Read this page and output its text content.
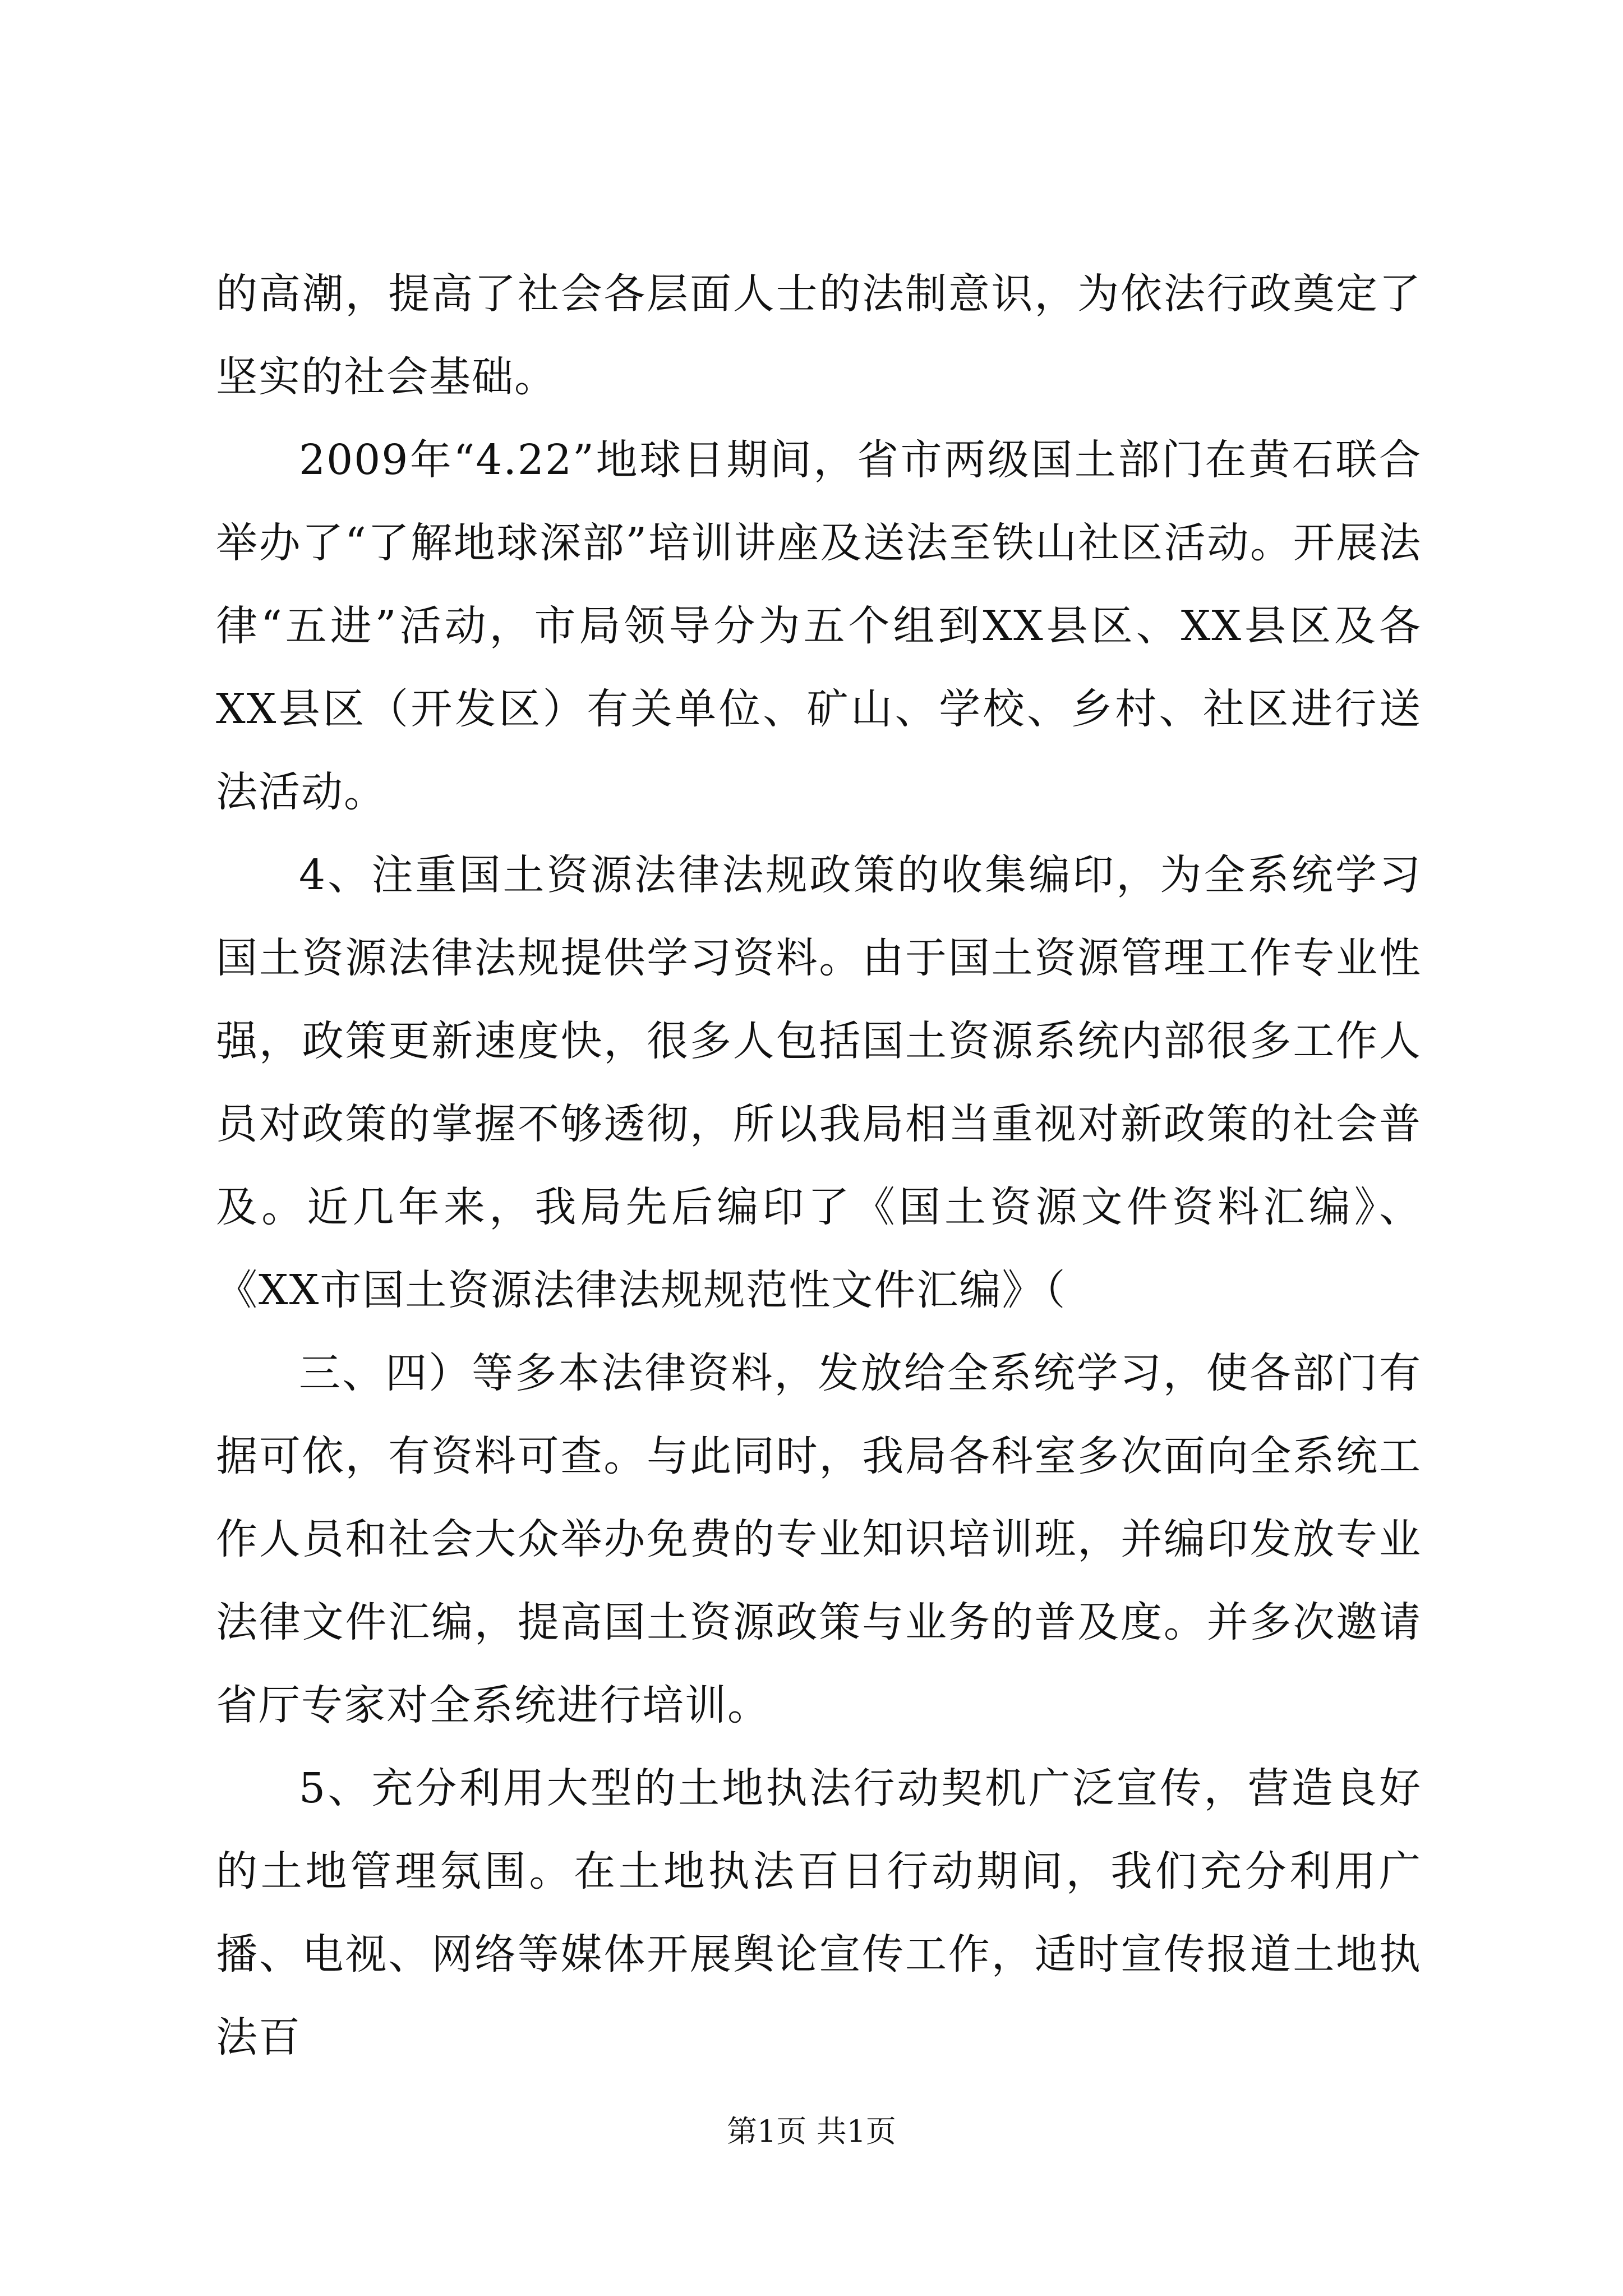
的高潮，提高了社会各层面人士的法制意识，为依法行政奠定了坚实的社会基础。

2009年“4.22”地球日期间，省市两级国土部门在黄石联合举办了“了解地球深部”培训讲座及送法至铁山社区活动。开展法律“五进”活动，市局领导分为五个组到XX县区、XX县区及各XX县区（开发区）有关单位、矿山、学校、乡村、社区进行送法活动。

4、注重国土资源法律法规政策的收集编印，为全系统学习国土资源法律法规提供学习资料。由于国土资源管理工作专业性强，政策更新速度快，很多人包括国土资源系统内部很多工作人员对政策的掌握不够透彻，所以我局相当重视对新政策的社会普及。近几年来，我局先后编印了《国土资源文件资料汇编》、《XX市国土资源法律法规规范性文件汇编》（

三、四）等多本法律资料，发放给全系统学习，使各部门有据可依，有资料可查。与此同时，我局各科室多次面向全系统工作人员和社会大众举办免费的专业知识培训班，并编印发放专业法律文件汇编，提高国土资源政策与业务的普及度。并多次邀请省厅专家对全系统进行培训。

5、充分利用大型的土地执法行动契机广泛宣传，营造良好的土地管理氛围。在土地执法百日行动期间，我们充分利用广播、电视、网络等媒体开展舆论宣传工作，适时宣传报道土地执法百

第1页 共1页
